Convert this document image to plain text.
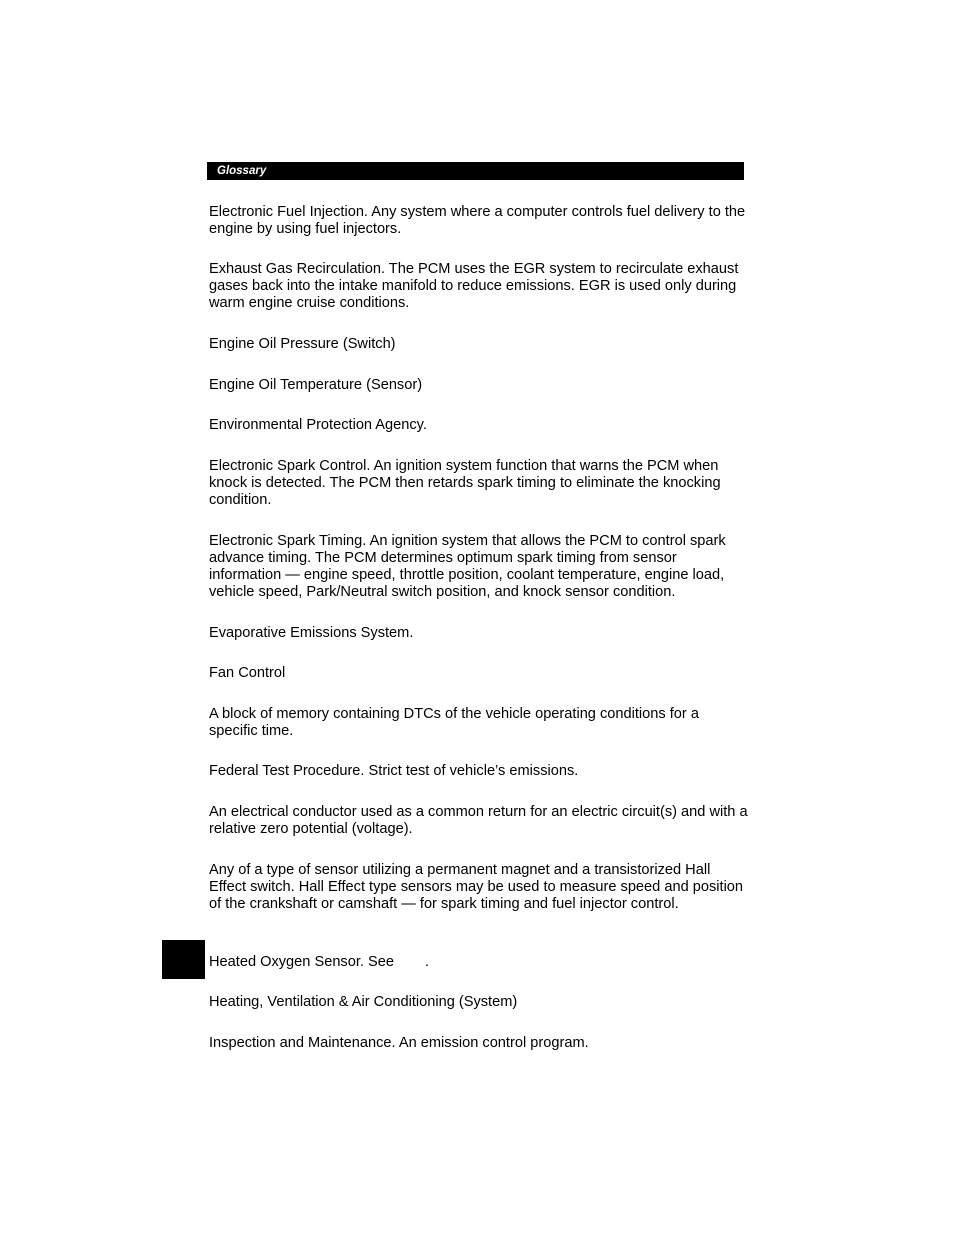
Glossary

Electronic Fuel Injection. Any system where a computer controls fuel delivery to the engine by using fuel injectors.

Exhaust Gas Recirculation. The PCM uses the EGR system to recirculate exhaust gases back into the intake manifold to reduce emissions. EGR is used only during warm engine cruise conditions.

Engine Oil Pressure (Switch)

Engine Oil Temperature (Sensor)

Environmental Protection Agency.

Electronic Spark Control. An ignition system function that warns the PCM when knock is detected. The PCM then retards spark timing to eliminate the knocking condition.

Electronic Spark Timing. An ignition system that allows the PCM to control spark advance timing. The PCM determines optimum spark timing from sensor information — engine speed, throttle position, coolant temperature, engine load, vehicle speed, Park/Neutral switch position, and knock sensor condition.

Evaporative Emissions System.

Fan Control

A block of memory containing DTCs of the vehicle operating conditions for a specific time.

Federal Test Procedure. Strict test of vehicle’s emissions.

An electrical conductor used as a common return for an electric circuit(s) and with a relative zero potential (voltage).

Any of a type of sensor utilizing a permanent magnet and a transistorized Hall Effect switch. Hall Effect type sensors may be used to measure speed and position of the crankshaft or camshaft — for spark timing and fuel injector control.

Heated Oxygen Sensor. See .

Heating, Ventilation & Air Conditioning (System)

Inspection and Maintenance. An emission control program.
